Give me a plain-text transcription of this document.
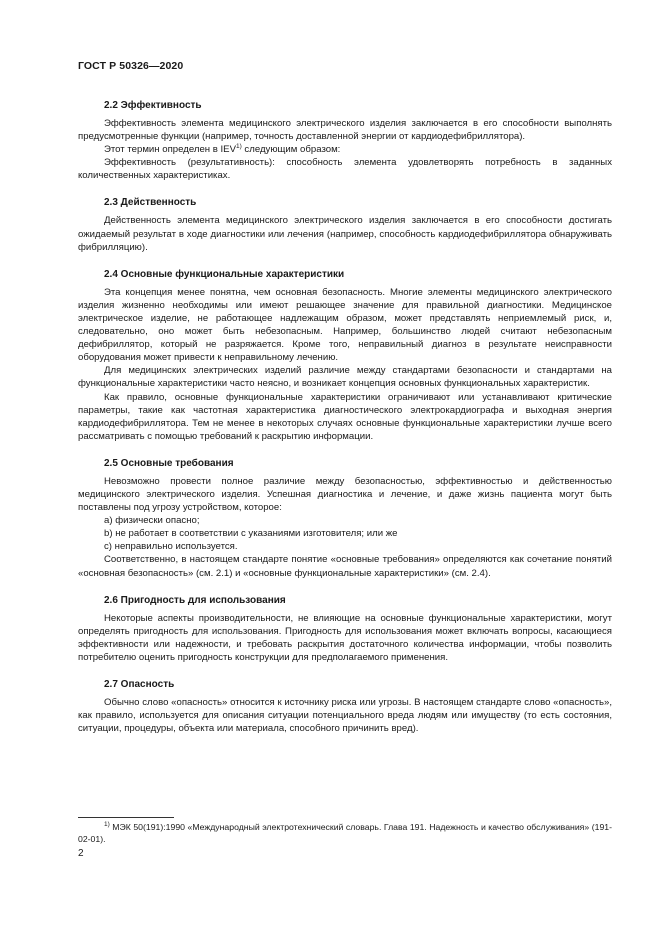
ГОСТ Р 50326—2020
2.2 Эффективность

Эффективность элемента медицинского электрического изделия заключается в его способности выполнять предусмотренные функции (например, точность доставленной энергии от кардиодефибриллятора).

Этот термин определен в IEV$^{1)}$ следующим образом:

Эффективность (результативность): способность элемента удовлетворять потребность в заданных количественных характеристиках.

2.3 Действенность

Действенность элемента медицинского электрического изделия заключается в его способности достигать ожидаемый результат в ходе диагностики или лечения (например, способность кардиодефибриллятора обнаруживать фибрилляцию).

2.4 Основные функциональные характеристики

Эта концепция менее понятна, чем основная безопасность. Многие элементы медицинского электрического изделия жизненно необходимы или имеют решающее значение для правильной диагностики. Медицинское электрическое изделие, не работающее надлежащим образом, может представлять неприемлемый риск, и, следовательно, оно может быть небезопасным. Например, большинство людей считают небезопасным дефибриллятор, который не разряжается. Кроме того, неправильный диагноз в результате неисправности оборудования может привести к неправильному лечению.

Для медицинских электрических изделий различие между стандартами безопасности и стандартами на функциональные характеристики часто неясно, и возникает концепция основных функциональных характеристик.

Как правило, основные функциональные характеристики ограничивают или устанавливают критические параметры, такие как частотная характеристика диагностического электрокардиографа и выходная энергия кардиодефибриллятора. Тем не менее в некоторых случаях основные функциональные характеристики лучше всего рассматривать с помощью требований к раскрытию информации.

2.5 Основные требования

Невозможно провести полное различие между безопасностью, эффективностью и действенностью медицинского электрического изделия. Успешная диагностика и лечение, и даже жизнь пациента могут быть поставлены под угрозу устройством, которое:

a) физически опасно;

b) не работает в соответствии с указаниями изготовителя; или же

c) неправильно используется.

Соответственно, в настоящем стандарте понятие «основные требования» определяются как сочетание понятий «основная безопасность» (см. 2.1) и «основные функциональные характеристики» (см. 2.4).

2.6 Пригодность для использования

Некоторые аспекты производительности, не влияющие на основные функциональные характеристики, могут определять пригодность для использования. Пригодность для использования может включать вопросы, касающиеся эффективности или надежности, и требовать раскрытия достаточного количества информации, чтобы позволить потребителю оценить пригодность конструкции для предполагаемого применения.

2.7 Опасность

Обычно слово «опасность» относится к источнику риска или угрозы. В настоящем стандарте слово «опасность», как правило, используется для описания ситуации потенциального вреда людям или имуществу (то есть состояния, ситуации, процедуры, объекта или материала, способного причинить вред).

$^{1)}$ МЭК 50(191):1990 «Международный электротехнический словарь. Глава 191. Надежность и качество обслуживания» (191-02-01).
2
